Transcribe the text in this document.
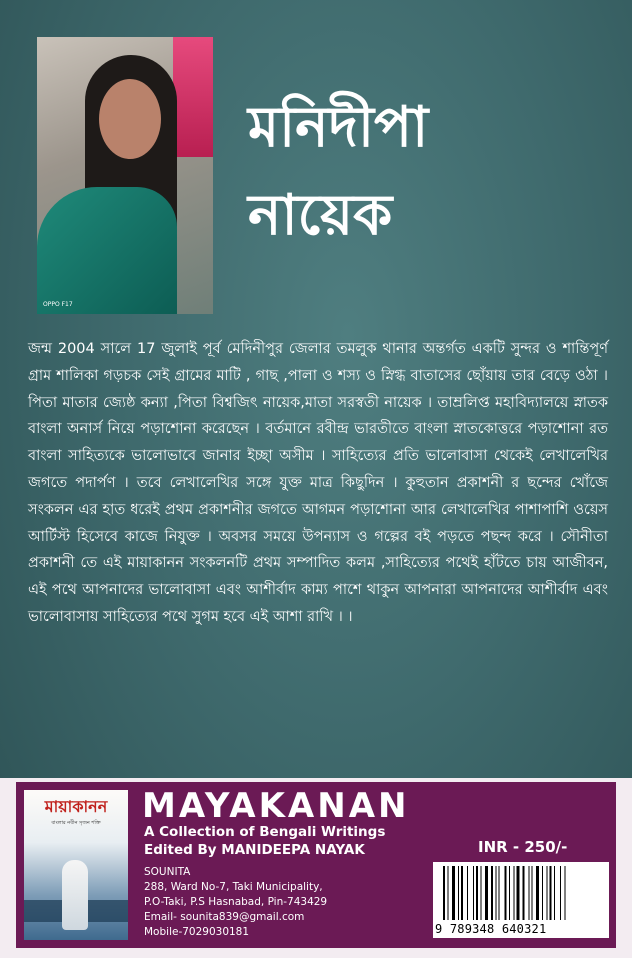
OPPO F17
মনিদীপা
নায়েক
জন্ম 2004 সালে 17 জুলাই পূর্ব মেদিনীপুর জেলার তমলুক থানার অন্তর্গত একটি সুন্দর ও শান্তিপূর্ণ গ্রাম শালিকা গড়চক সেই গ্রামের মাটি , গাছ ,পালা ও শস্য ও স্নিগ্ধ বাতাসের ছোঁয়ায় তার বেড়ে ওঠা । পিতা মাতার জ্যেষ্ঠ কন্যা ,পিতা বিশ্বজিৎ নায়েক,মাতা সরস্বতী নায়েক । তাম্রলিপ্ত মহাবিদ্যালয়ে স্নাতক বাংলা অনার্স নিয়ে পড়াশোনা করেছেন । বর্তমানে রবীন্দ্র ভারতীতে বাংলা স্নাতকোত্তরে পড়াশোনা রত বাংলা সাহিত্যকে ভালোভাবে জানার ইচ্ছা অসীম । সাহিত্যের প্রতি ভালোবাসা থেকেই লেখালেখির জগতে পদার্পণ । তবে লেখালেখির সঙ্গে যুক্ত মাত্র কিছুদিন । কুহুতান প্রকাশনী র ছন্দের খোঁজে সংকলন এর হাত ধরেই প্রথম প্রকাশনীর জগতে আগমন পড়াশোনা আর লেখালেখির পাশাপাশি ওয়েস আর্টিস্ট হিসেবে কাজে নিযুক্ত । অবসর সময়ে উপন্যাস ও গল্পের বই পড়তে পছন্দ করে । সৌনীতা প্রকাশনী তে এই মায়াকানন সংকলনটি প্রথম সম্পাদিত কলম ,সাহিত্যের পথেই হাঁটতে চায় আজীবন, এই পথে আপনাদের ভালোবাসা এবং আশীর্বাদ কাম্য পাশে থাকুন আপনারা আপনাদের আশীর্বাদ এবং ভালোবাসায় সাহিত্যের পথে সুগম হবে এই আশা রাখি । ।
মায়াকানন
বাংলার নবীন সৃজন শক্তি	MAYAKANAN
A Collection of Bengali Writings
Edited By MANIDEEPA NAYAK
SOUNITA
288, Ward No-7, Taki Municipality,
P.O-Taki, P.S Hasnabad, Pin-743429
Email- sounita839@gmail.com
Mobile-7029030181
INR - 250/-
9 789348 640321
